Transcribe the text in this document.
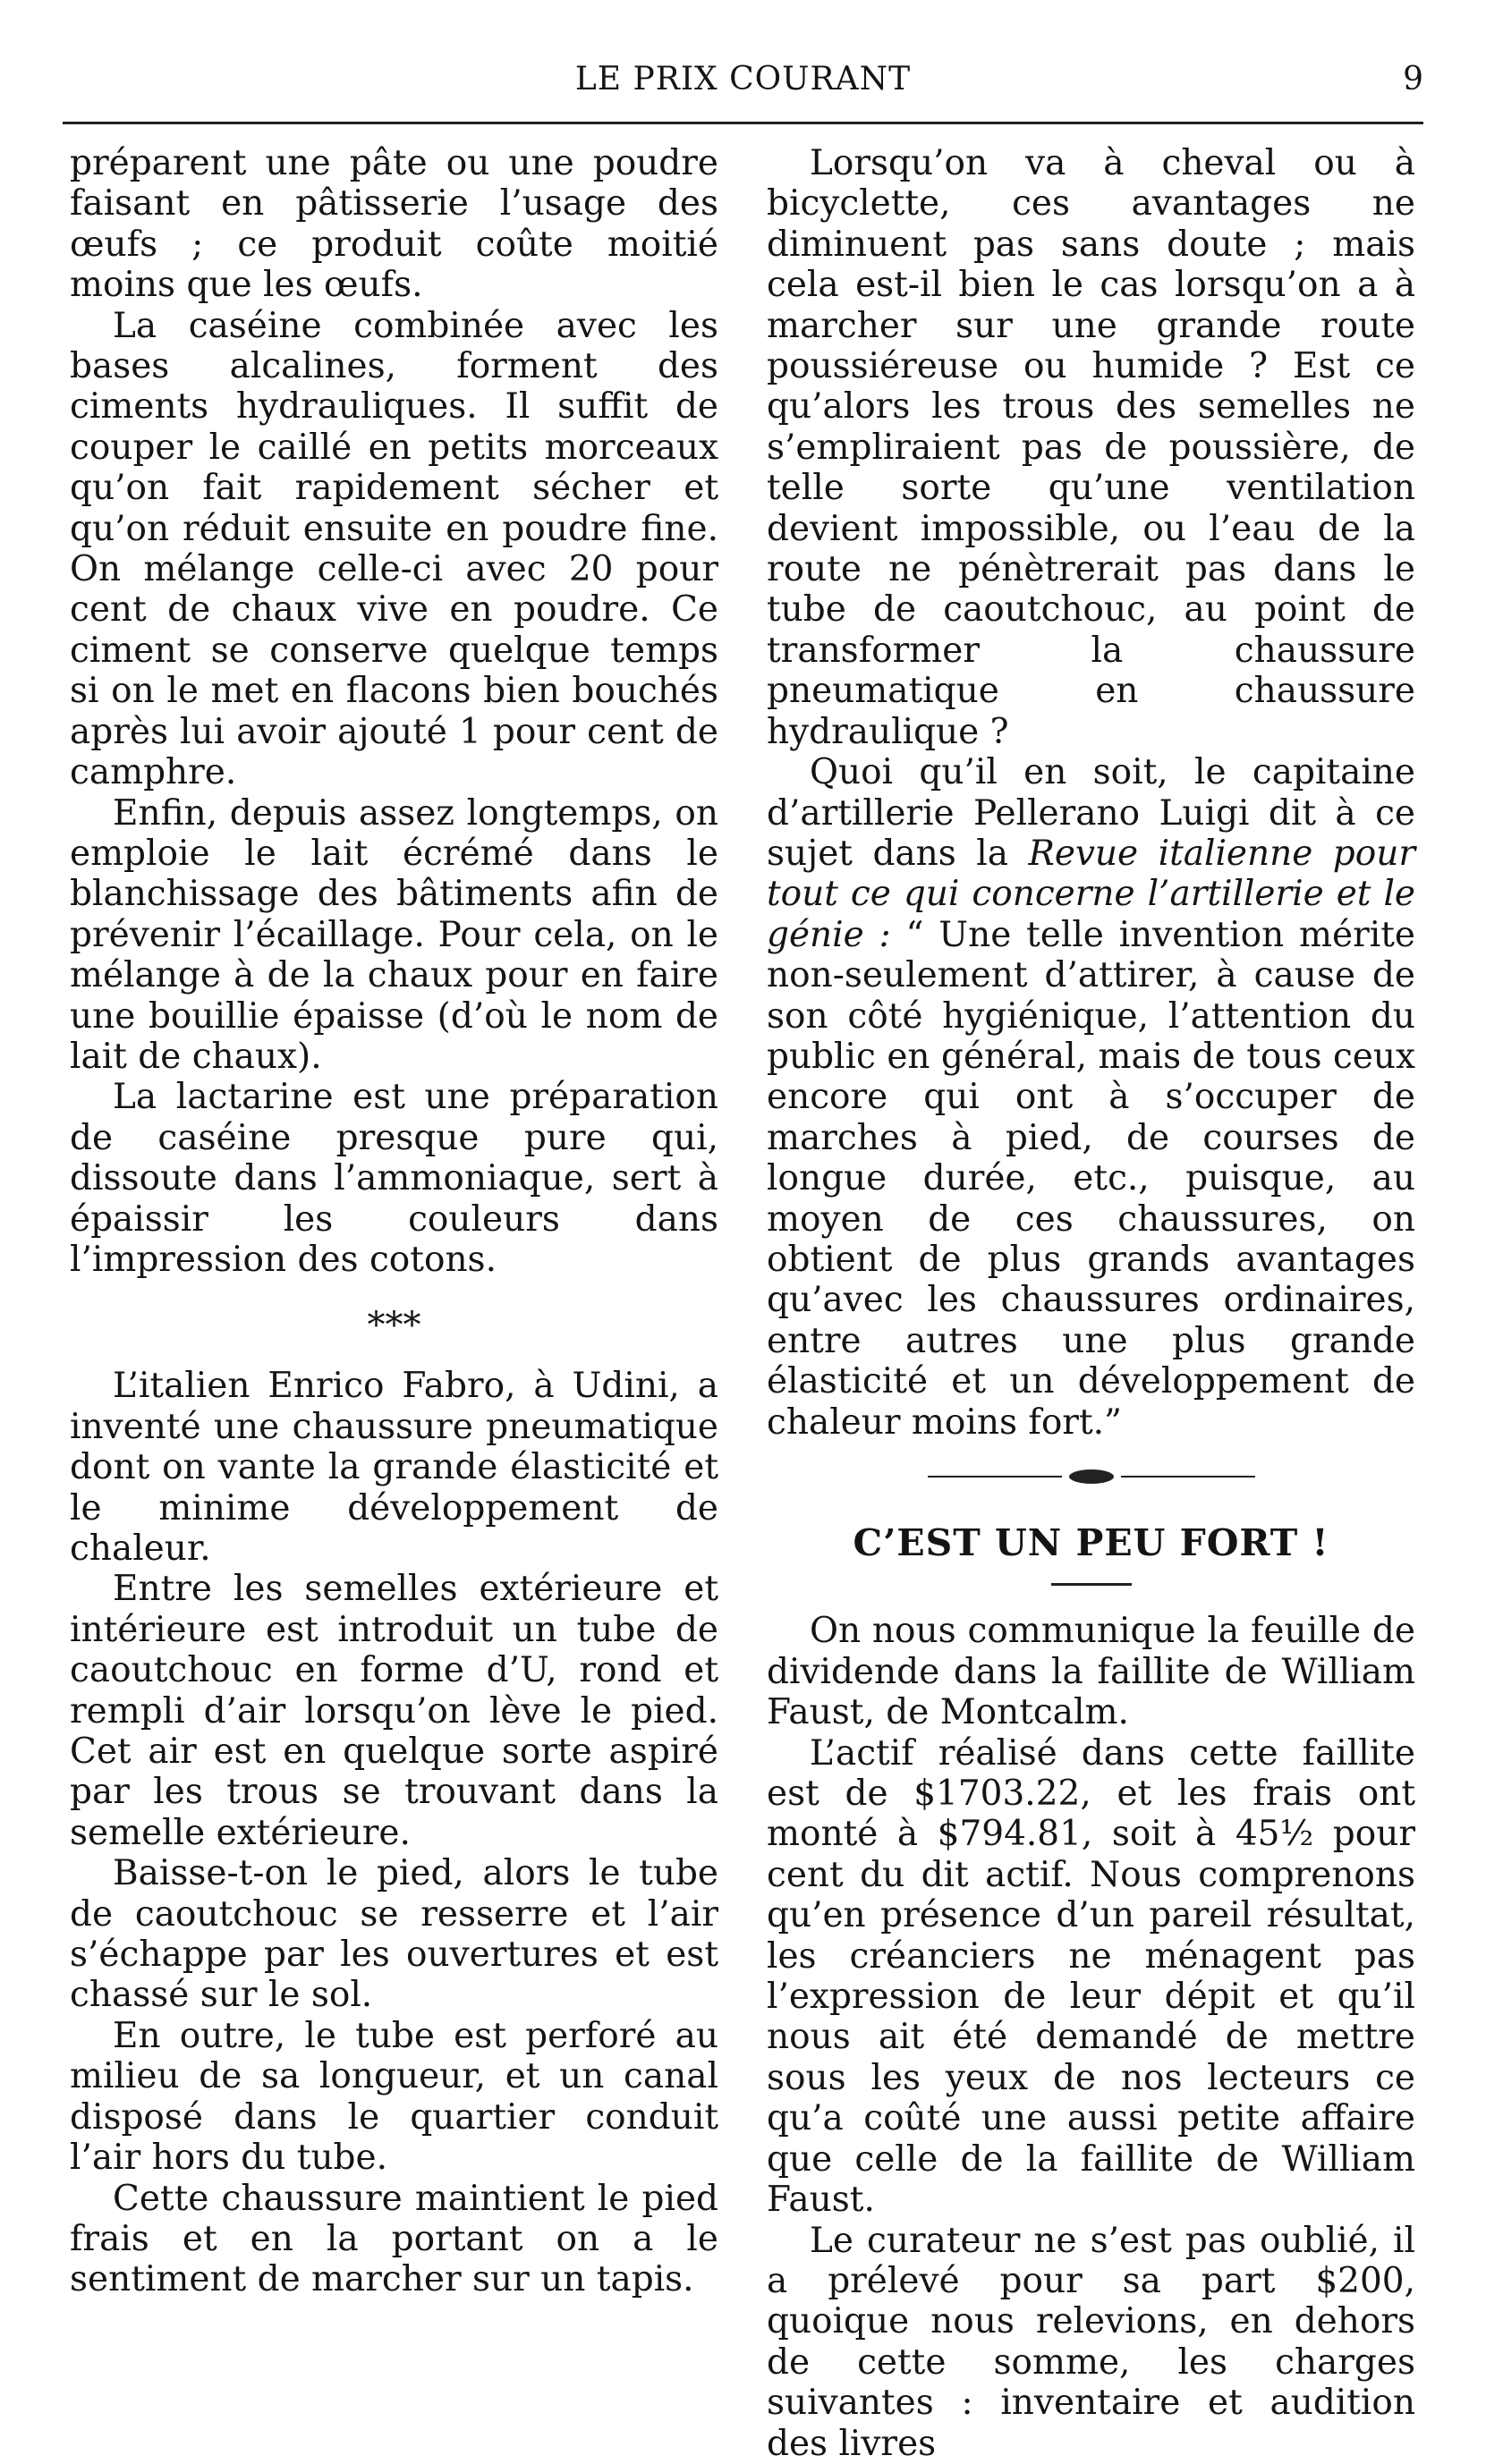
LE PRIX COURANT	9

préparent une pâte ou une poudre faisant en pâtisserie l’usage des œufs ; ce produit coûte moitié moins que les œufs.

La caséine combinée avec les bases alcalines, forment des ciments hydrauliques. Il suffit de couper le caillé en petits morceaux qu’on fait rapidement sécher et qu’on réduit ensuite en poudre fine. On mélange celle-ci avec 20 pour cent de chaux vive en poudre. Ce ciment se conserve quelque temps si on le met en flacons bien bouchés après lui avoir ajouté 1 pour cent de camphre.

Enfin, depuis assez longtemps, on emploie le lait écrémé dans le blanchissage des bâtiments afin de prévenir l’écaillage. Pour cela, on le mélange à de la chaux pour en faire une bouillie épaisse (d’où le nom de lait de chaux).

La lactarine est une préparation de caséine presque pure qui, dissoute dans l’ammoniaque, sert à épaissir les couleurs dans l’impression des cotons.

***

L’italien Enrico Fabro, à Udini, a inventé une chaussure pneumatique dont on vante la grande élasticité et le minime développement de chaleur.

Entre les semelles extérieure et intérieure est introduit un tube de caoutchouc en forme d’U, rond et rempli d’air lorsqu’on lève le pied. Cet air est en quelque sorte aspiré par les trous se trouvant dans la semelle extérieure.

Baisse-t-on le pied, alors le tube de caoutchouc se resserre et l’air s’échappe par les ouvertures et est chassé sur le sol.

En outre, le tube est perforé au milieu de sa longueur, et un canal disposé dans le quartier conduit l’air hors du tube.

Cette chaussure maintient le pied frais et en la portant on a le sentiment de marcher sur un tapis.

Lorsqu’on va à cheval ou à bicyclette, ces avantages ne diminuent pas sans doute ; mais cela est-il bien le cas lorsqu’on a à marcher sur une grande route poussiéreuse ou humide ? Est ce qu’alors les trous des semelles ne s’empliraient pas de poussière, de telle sorte qu’une ventilation devient impossible, ou l’eau de la route ne pénètrerait pas dans le tube de caoutchouc, au point de transformer la chaussure pneumatique en chaussure hydraulique ?

Quoi qu’il en soit, le capitaine d’artillerie Pellerano Luigi dit à ce sujet dans la Revue italienne pour tout ce qui concerne l’artillerie et le génie : “ Une telle invention mérite non-seulement d’attirer, à cause de son côté hygiénique, l’attention du public en général, mais de tous ceux encore qui ont à s’occuper de marches à pied, de courses de longue durée, etc., puisque, au moyen de ces chaussures, on obtient de plus grands avantages qu’avec les chaussures ordinaires, entre autres une plus grande élasticité et un développement de chaleur moins fort.”

C’EST UN PEU FORT !

On nous communique la feuille de dividende dans la faillite de William Faust, de Montcalm.

L’actif réalisé dans cette faillite est de $1703.22, et les frais ont monté à $794.81, soit à 45½ pour cent du dit actif. Nous comprenons qu’en présence d’un pareil résultat, les créanciers ne ménagent pas l’expression de leur dépit et qu’il nous ait été demandé de mettre sous les yeux de nos lecteurs ce qu’a coûté une aussi petite affaire que celle de la faillite de William Faust.

Le curateur ne s’est pas oublié, il a prélevé pour sa part $200, quoique nous relevions, en dehors de cette somme, les charges suivantes : inventaire et audition des livres
